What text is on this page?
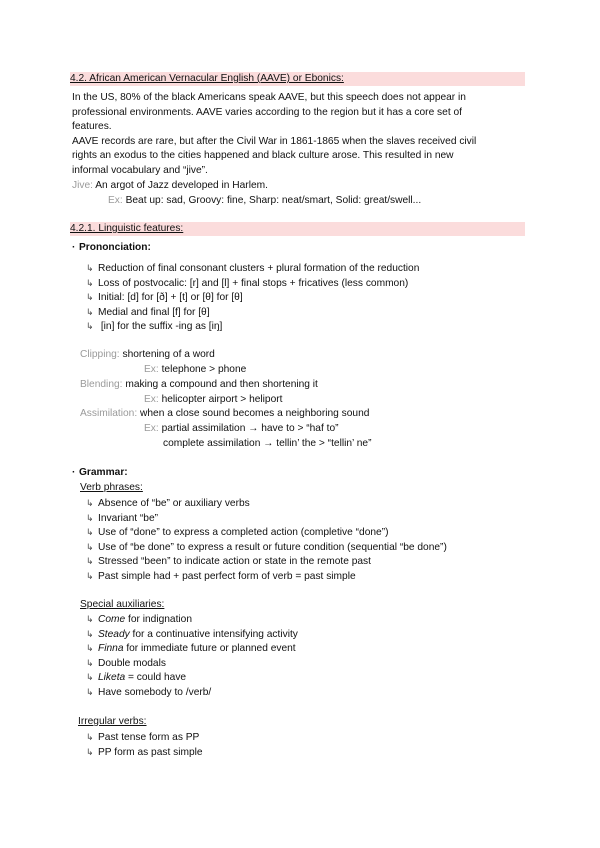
4.2. African American Vernacular English (AAVE) or Ebonics:
In the US, 80% of the black Americans speak AAVE, but this speech does not appear in
professional environments. AAVE varies according to the region but it has a core set of
features.
AAVE records are rare, but after the Civil War in 1861-1865 when the slaves received civil
rights an exodus to the cities happened and black culture arose. This resulted in new
informal vocabulary and “jive”.
Jive: An argot of Jazz developed in Harlem.
Ex: Beat up: sad, Groovy: fine, Sharp: neat/smart, Solid: great/swell...
4.2.1. Linguistic features:
· Prononciation:
↳ Reduction of final consonant clusters + plural formation of the reduction
↳ Loss of postvocalic: [r] and [l] + final stops + fricatives (less common)
↳ Initial: [d] for [ð] + [t] or [θ] for [θ]
↳ Medial and final [f] for [θ]
↳ [in] for the suffix -ing as [iŋ]
Clipping: shortening of a word
Ex: telephone > phone
Blending: making a compound and then shortening it
Ex: helicopter airport > heliport
Assimilation: when a close sound becomes a neighboring sound
Ex: partial assimilation → have to > “haf to”
complete assimilation → tellin’ the > “tellin’ ne”
· Grammar:
Verb phrases:
↳ Absence of “be” or auxiliary verbs
↳ Invariant “be”
↳ Use of “done” to express a completed action (completive “done”)
↳ Use of “be done” to express a result or future condition (sequential “be done”)
↳ Stressed “been” to indicate action or state in the remote past
↳ Past simple had + past perfect form of verb = past simple
Special auxiliaries:
↳ Come for indignation
↳ Steady for a continuative intensifying activity
↳ Finna for immediate future or planned event
↳ Double modals
↳ Liketa = could have
↳ Have somebody to /verb/
Irregular verbs:
↳ Past tense form as PP
↳ PP form as past simple
